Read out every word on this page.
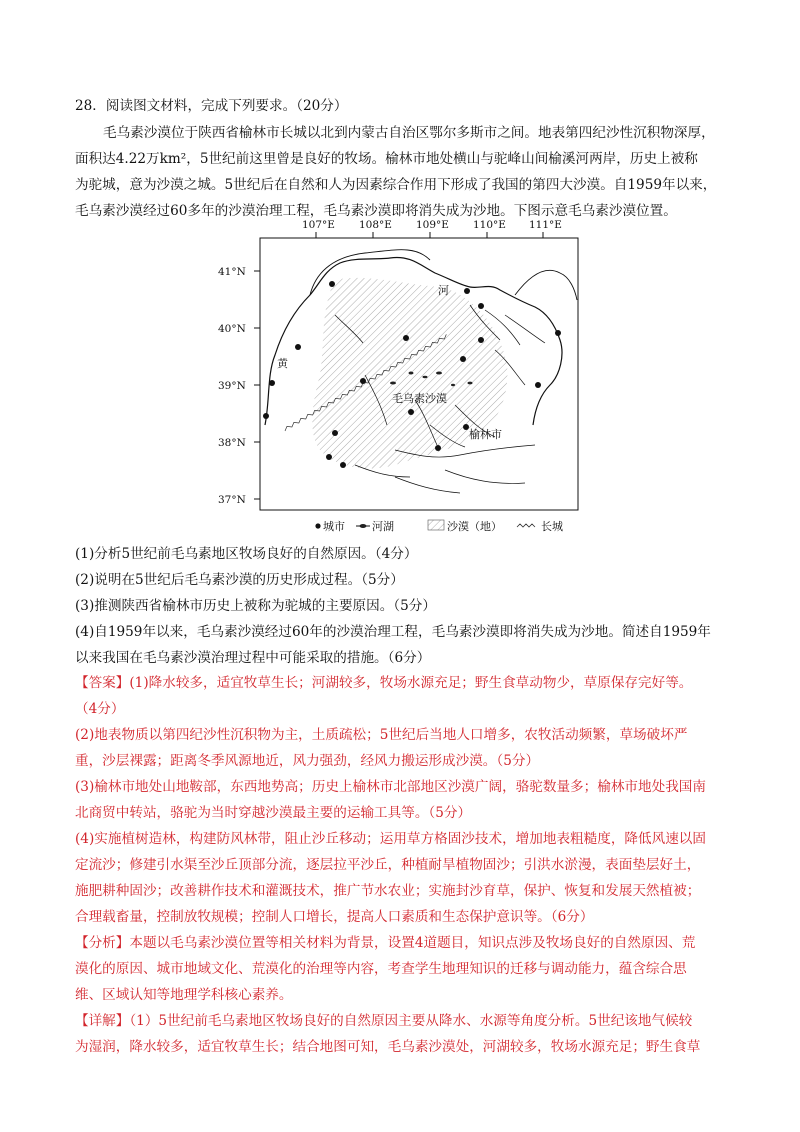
28．阅读图文材料，完成下列要求。（20分）
毛乌素沙漠位于陕西省榆林市长城以北到内蒙古自治区鄂尔多斯市之间。地表第四纪沙性沉积物深厚，
面积达4.22万km²，5世纪前这里曾是良好的牧场。榆林市地处横山与驼峰山间榆溪河两岸，历史上被称
为驼城，意为沙漠之城。5世纪后在自然和人为因素综合作用下形成了我国的第四大沙漠。自1959年以来，
毛乌素沙漠经过60多年的沙漠治理工程，毛乌素沙漠即将消失成为沙地。下图示意毛乌素沙漠位置。
107°E 108°E 109°E 110°E 111°E
41°N
40°N
39°N
38°N
37°N
河
黄
毛乌素沙漠
榆林市
城市 河湖	沙漠（地）	长城
(1)分析5世纪前毛乌素地区牧场良好的自然原因。（4分）
(2)说明在5世纪后毛乌素沙漠的历史形成过程。（5分）
(3)推测陕西省榆林市历史上被称为驼城的主要原因。（5分）
(4)自1959年以来，毛乌素沙漠经过60年的沙漠治理工程，毛乌素沙漠即将消失成为沙地。简述自1959年
以来我国在毛乌素沙漠治理过程中可能采取的措施。（6分）
【答案】(1)降水较多，适宜牧草生长；河湖较多，牧场水源充足；野生食草动物少，草原保存完好等。
（4分）
(2)地表物质以第四纪沙性沉积物为主，土质疏松；5世纪后当地人口增多，农牧活动频繁，草场破坏严
重，沙层裸露；距离冬季风源地近，风力强劲，经风力搬运形成沙漠。（5分）
(3)榆林市地处山地鞍部，东西地势高；历史上榆林市北部地区沙漠广阔，骆驼数量多；榆林市地处我国南
北商贸中转站，骆驼为当时穿越沙漠最主要的运输工具等。（5分）
(4)实施植树造林，构建防风林带，阻止沙丘移动；运用草方格固沙技术，增加地表粗糙度，降低风速以固
定流沙；修建引水渠至沙丘顶部分流，逐层拉平沙丘，种植耐旱植物固沙；引洪水淤漫，表面垫层好土，
施肥耕种固沙；改善耕作技术和灌溉技术，推广节水农业；实施封沙育草，保护、恢复和发展天然植被；
合理载畜量，控制放牧规模；控制人口增长，提高人口素质和生态保护意识等。（6分）
【分析】本题以毛乌素沙漠位置等相关材料为背景，设置4道题目，知识点涉及牧场良好的自然原因、荒
漠化的原因、城市地域文化、荒漠化的治理等内容，考查学生地理知识的迁移与调动能力，蕴含综合思
维、区域认知等地理学科核心素养。
【详解】（1）5世纪前毛乌素地区牧场良好的自然原因主要从降水、水源等角度分析。5世纪该地气候较
为湿润，降水较多，适宜牧草生长；结合地图可知，毛乌素沙漠处，河湖较多，牧场水源充足；野生食草
